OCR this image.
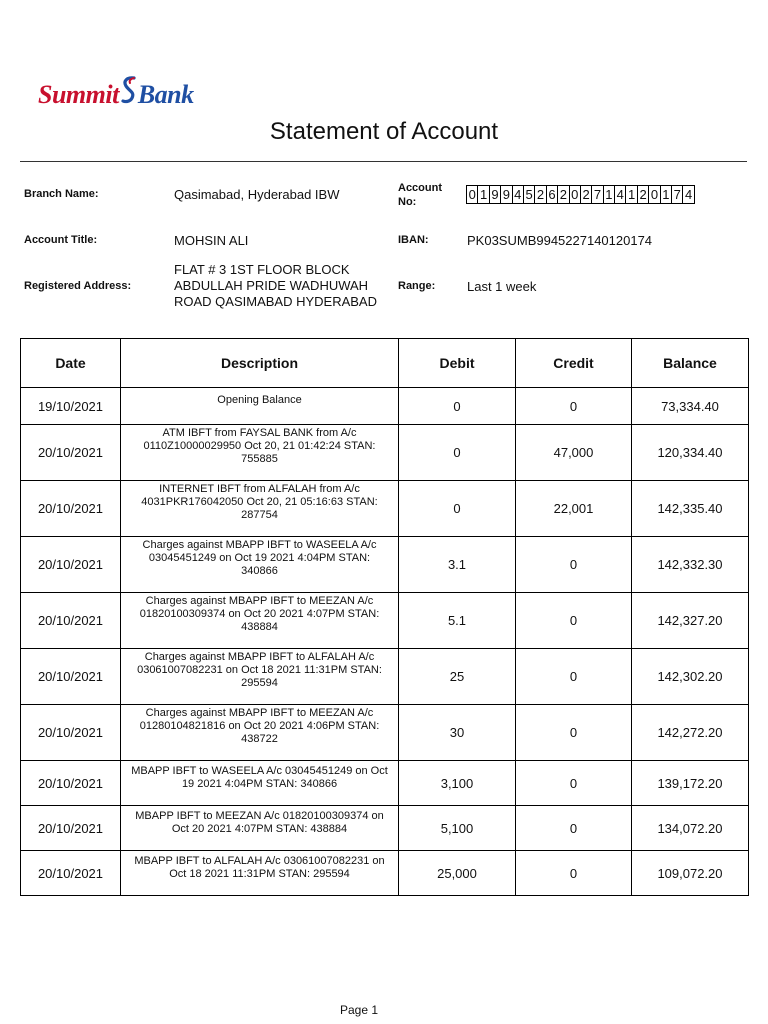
Summit Bank
Statement of Account
Branch Name:	Qasimabad, Hyderabad IBW	Account
No:	0 1 9 9 4 5 2 6 2 0 2 7 1 4 1 2 0 1 7 4
Account Title:	MOHSIN ALI	IBAN:	PK03SUMB9945227140120174
Registered Address:
FLAT # 3 1ST FLOOR BLOCK
ABDULLAH PRIDE WADHUWAH
ROAD QASIMABAD HYDERABAD
Range: Last 1 week
Date	Description	Debit	Credit	Balance
19/10/2021	Opening Balance	0	0	73,334.40
20/10/2021	ATM IBFT from FAYSAL BANK from A/c
0110Z10000029950 Oct 20, 21 01:42:24 STAN:
755885	0	47,000	120,334.40
20/10/2021	INTERNET IBFT from ALFALAH from A/c
4031PKR176042050 Oct 20, 21 05:16:63 STAN:
287754	0	22,001	142,335.40
20/10/2021	Charges against MBAPP IBFT to WASEELA A/c
03045451249 on Oct 19 2021 4:04PM STAN:
340866	3.1	0	142,332.30
20/10/2021	Charges against MBAPP IBFT to MEEZAN A/c
01820100309374 on Oct 20 2021 4:07PM STAN:
438884	5.1	0	142,327.20
20/10/2021	Charges against MBAPP IBFT to ALFALAH A/c
03061007082231 on Oct 18 2021 11:31PM STAN:
295594	25	0	142,302.20
20/10/2021	Charges against MBAPP IBFT to MEEZAN A/c
01280104821816 on Oct 20 2021 4:06PM STAN:
438722	30	0	142,272.20
20/10/2021	MBAPP IBFT to WASEELA A/c 03045451249 on Oct
19 2021 4:04PM STAN: 340866	3,100	0	139,172.20
20/10/2021	MBAPP IBFT to MEEZAN A/c 01820100309374 on
Oct 20 2021 4:07PM STAN: 438884	5,100	0	134,072.20
20/10/2021	MBAPP IBFT to ALFALAH A/c 03061007082231 on
Oct 18 2021 11:31PM STAN: 295594	25,000	0	109,072.20
Page 1
